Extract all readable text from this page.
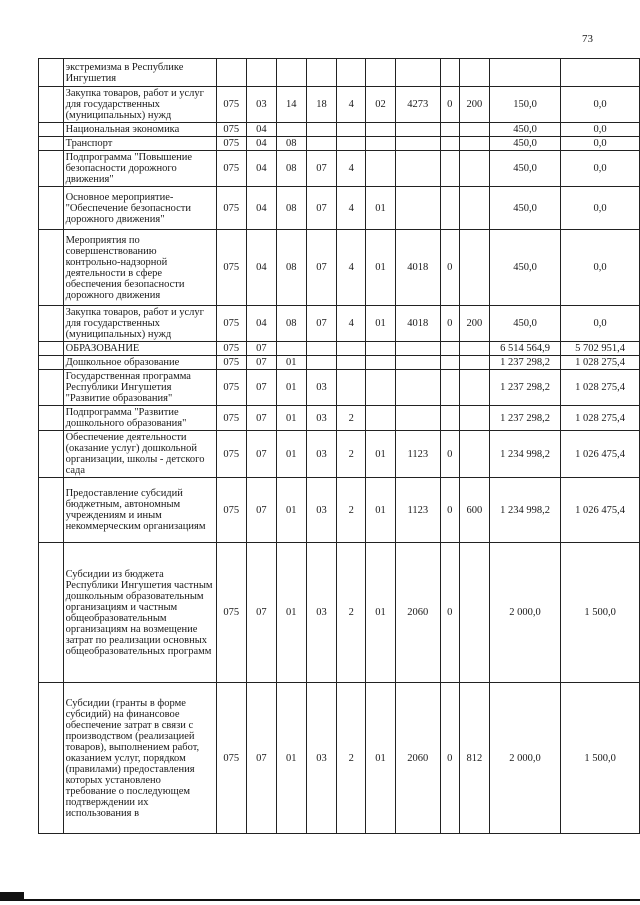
73
	экстремизма в Республике Ингушетия											
	Закупка товаров, работ и услуг для государственных (муниципальных) нужд	075	03	14	18	4	02	4273	0	200	150,0	0,0
	Национальная экономика	075	04								450,0	0,0
	Транспорт	075	04	08							450,0	0,0
	Подпрограмма "Повышение безопасности дорожного движения"	075	04	08	07	4					450,0	0,0
	Основное мероприятие- "Обеспечение безопасности дорожного движения"	075	04	08	07	4	01				450,0	0,0
	Мероприятия по совершенствованию контрольно-надзорной деятельности в сфере обеспечения безопасности дорожного движения	075	04	08	07	4	01	4018	0		450,0	0,0
	Закупка товаров, работ и услуг для государственных (муниципальных) нужд	075	04	08	07	4	01	4018	0	200	450,0	0,0
	ОБРАЗОВАНИЕ	075	07								6 514 564,9	5 702 951,4
	Дошкольное образование	075	07	01							1 237 298,2	1 028 275,4
	Государственная программа Республики Ингушетия "Развитие образования"	075	07	01	03						1 237 298,2	1 028 275,4
	Подпрограмма "Развитие дошкольного образования"	075	07	01	03	2					1 237 298,2	1 028 275,4
	Обеспечение деятельности (оказание услуг) дошкольной организации, школы - детского сада	075	07	01	03	2	01	1123	0		1 234 998,2	1 026 475,4
	Предоставление субсидий бюджетным, автономным учреждениям и иным некоммерческим организациям	075	07	01	03	2	01	1123	0	600	1 234 998,2	1 026 475,4
	Субсидии из бюджета Республики Ингушетия частным дошкольным образовательным организациям и частным общеобразовательным организациям на возмещение затрат по реализации основных общеобразовательных программ	075	07	01	03	2	01	2060	0		2 000,0	1 500,0
	Субсидии (гранты в форме субсидий) на финансовое обеспечение затрат в связи с производством (реализацией товаров), выполнением работ, оказанием услуг, порядком (правилами) предоставления которых установлено требование о последующем подтверждении их использования в	075	07	01	03	2	01	2060	0	812	2 000,0	1 500,0
